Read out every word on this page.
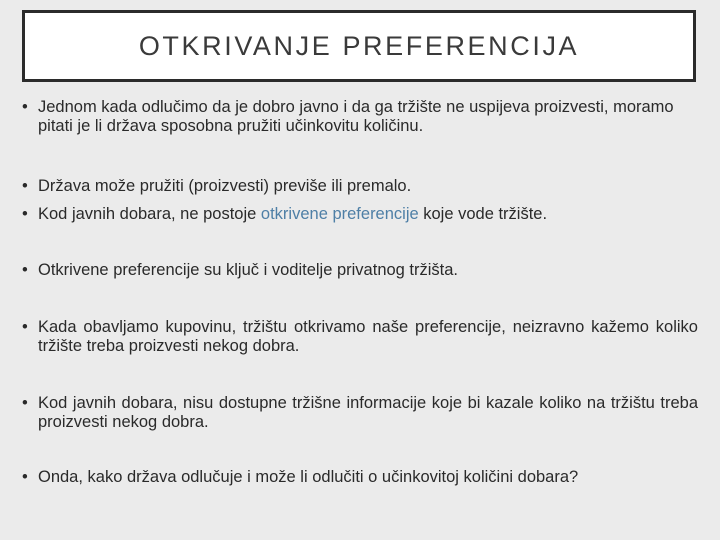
OTKRIVANJE PREFERENCIJA
• Jednom kada odlučimo da je dobro javno i da ga tržište ne uspijeva proizvesti, moramo pitati je li država sposobna pružiti učinkovitu količinu.
• Država može pružiti (proizvesti) previše ili premalo.
• Kod javnih dobara, ne postoje otkrivene preferencije koje vode tržište.
• Otkrivene preferencije su ključ i voditelje privatnog tržišta.
• Kada obavljamo kupovinu, tržištu otkrivamo naše preferencije, neizravno kažemo koliko tržište treba proizvesti nekog dobra.
• Kod javnih dobara, nisu dostupne tržišne informacije koje bi kazale koliko na tržištu treba proizvesti nekog dobra.
• Onda, kako država odlučuje i može li odlučiti o učinkovitoj količini dobara?
